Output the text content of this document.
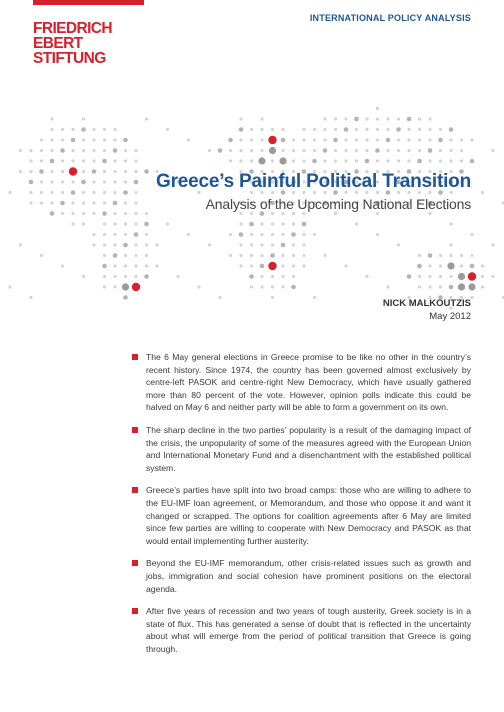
FRIEDRICH
EBERT
STIFTUNG
INTERNATIONAL POLICY ANALYSIS
Greece’s Painful Political Transition
Analysis of the Upcoming National Elections
NICK MALKOUTZIS
May 2012
The 6 May general elections in Greece promise to be like no other in the country’s recent history. Since 1974, the country has been governed almost exclusively by centre-left PASOK and centre-right New Democracy, which have usually gathered more than 80 percent of the vote. However, opinion polls indicate this could be halved on May 6 and neither party will be able to form a government on its own.
The sharp decline in the two parties’ popularity is a result of the damaging impact of the crisis, the unpopularity of some of the measures agreed with the European Union and International Monetary Fund and a disenchantment with the established political system.
Greece’s parties have split into two broad camps: those who are willing to adhere to the EU-IMF loan agreement, or Memorandum, and those who oppose it and want it changed or scrapped. The options for coalition agreements after 6 May are limited since few parties are willing to cooperate with New Democracy and PASOK as that would entail implementing further austerity.
Beyond the EU-IMF memorandum, other crisis-related issues such as growth and jobs, immigration and social cohesion have prominent positions on the electoral agenda.
After five years of recession and two years of tough austerity, Greek society is in a state of flux. This has generated a sense of doubt that is reflected in the uncertainty about what will emerge from the period of political transition that Greece is going through.
